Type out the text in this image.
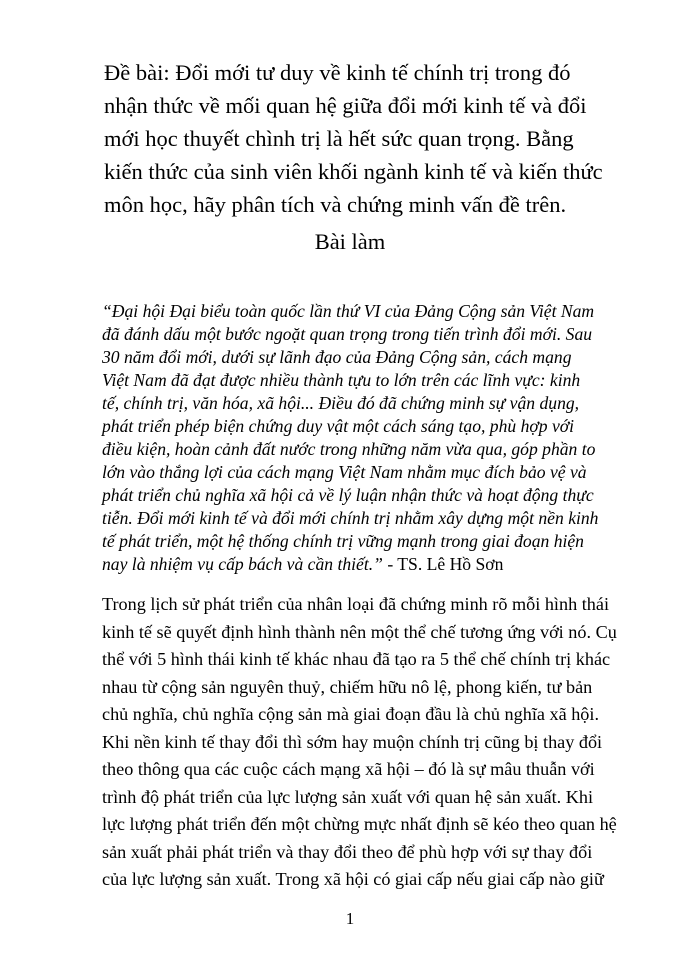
Đề bài: Đổi mới tư duy về kinh tế chính trị trong đó

nhận thức về mối quan hệ giữa đổi mới kinh tế và đổi

mới học thuyết chình trị là hết sức quan trọng. Bằng

kiến thức của sinh viên khối ngành kinh tế và kiến thức

môn học, hãy phân tích và chứng minh vấn đề trên.

Bài làm

“Đại hội Đại biểu toàn quốc lần thứ VI của Đảng Cộng sản Việt Nam

đã đánh dấu một bước ngoặt quan trọng trong tiến trình đổi mới. Sau

30 năm đổi mới, dưới sự lãnh đạo của Đảng Cộng sản, cách mạng

Việt Nam đã đạt được nhiều thành tựu to lớn trên các lĩnh vực: kinh

tế, chính trị, văn hóa, xã hội... Điều đó đã chứng minh sự vận dụng,

phát triển phép biện chứng duy vật một cách sáng tạo, phù hợp với

điều kiện, hoàn cảnh đất nước trong những năm vừa qua, góp phần to

lớn vào thắng lợi của cách mạng Việt Nam nhằm mục đích bảo vệ và

phát triển chủ nghĩa xã hội cả về lý luận nhận thức và hoạt động thực

tiễn. Đổi mới kinh tế và đổi mới chính trị nhằm xây dựng một nền kinh

tế phát triển, một hệ thống chính trị vững mạnh trong giai đoạn hiện

nay là nhiệm vụ cấp bách và cần thiết.” - TS. Lê Hồ Sơn

Trong lịch sử phát triển của nhân loại đã chứng minh rõ mỗi hình thái

kinh tế sẽ quyết định hình thành nên một thể chế tương ứng với nó. Cụ

thể với 5 hình thái kinh tế khác nhau đã tạo ra 5 thể chế chính trị khác

nhau từ cộng sản nguyên thuỷ, chiếm hữu nô lệ, phong kiến, tư bản

chủ nghĩa, chủ nghĩa cộng sản mà giai đoạn đầu là chủ nghĩa xã hội.

Khi nền kinh tế thay đổi thì sớm hay muộn chính trị cũng bị thay đổi

theo thông qua các cuộc cách mạng xã hội – đó là sự mâu thuẫn với

trình độ phát triển của lực lượng sản xuất với quan hệ sản xuất. Khi

lực lượng phát triển đến một chừng mực nhất định sẽ kéo theo quan hệ

sản xuất phải phát triển và thay đổi theo để phù hợp với sự thay đổi

của lực lượng sản xuất. Trong xã hội có giai cấp nếu giai cấp nào giữ

1
